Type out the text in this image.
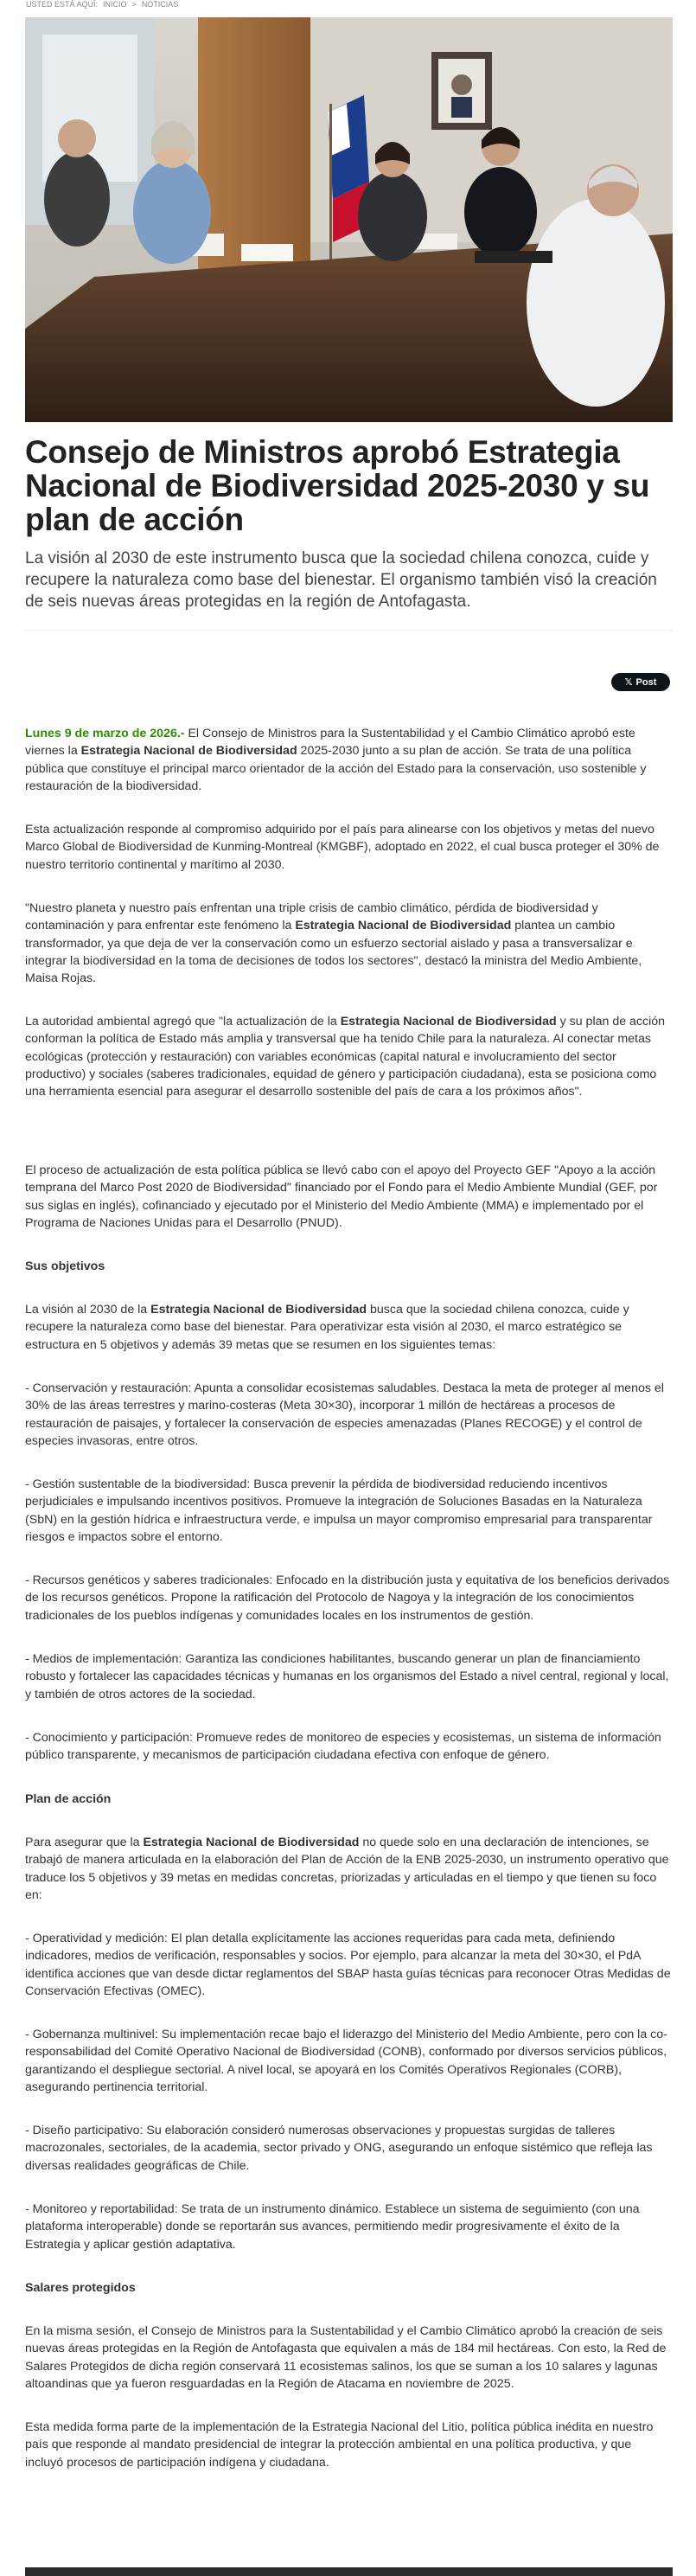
USTED ESTÁ AQUÍ: INICIO > NOTICIAS
Consejo de Ministros aprobó Estrategia Nacional de Biodiversidad 2025-2030 y su plan de acción

La visión al 2030 de este instrumento busca que la sociedad chilena conozca, cuide y recupere la naturaleza como base del bienestar. El organismo también visó la creación de seis nuevas áreas protegidas en la región de Antofagasta.

𝕏 Post

Lunes 9 de marzo de 2026.- El Consejo de Ministros para la Sustentabilidad y el Cambio Climático aprobó este viernes la Estrategia Nacional de Biodiversidad 2025-2030 junto a su plan de acción. Se trata de una política pública que constituye el principal marco orientador de la acción del Estado para la conservación, uso sostenible y restauración de la biodiversidad.

Esta actualización responde al compromiso adquirido por el país para alinearse con los objetivos y metas del nuevo Marco Global de Biodiversidad de Kunming-Montreal (KMGBF), adoptado en 2022, el cual busca proteger el 30% de nuestro territorio continental y marítimo al 2030.

"Nuestro planeta y nuestro país enfrentan una triple crisis de cambio climático, pérdida de biodiversidad y contaminación y para enfrentar este fenómeno la Estrategia Nacional de Biodiversidad plantea un cambio transformador, ya que deja de ver la conservación como un esfuerzo sectorial aislado y pasa a transversalizar e integrar la biodiversidad en la toma de decisiones de todos los sectores", destacó la ministra del Medio Ambiente, Maisa Rojas.

La autoridad ambiental agregó que "la actualización de la Estrategia Nacional de Biodiversidad y su plan de acción conforman la política de Estado más amplia y transversal que ha tenido Chile para la naturaleza. Al conectar metas ecológicas (protección y restauración) con variables económicas (capital natural e involucramiento del sector productivo) y sociales (saberes tradicionales, equidad de género y participación ciudadana), esta se posiciona como una herramienta esencial para asegurar el desarrollo sostenible del país de cara a los próximos años".

El proceso de actualización de esta política pública se llevó cabo con el apoyo del Proyecto GEF "Apoyo a la acción temprana del Marco Post 2020 de Biodiversidad" financiado por el Fondo para el Medio Ambiente Mundial (GEF, por sus siglas en inglés), cofinanciado y ejecutado por el Ministerio del Medio Ambiente (MMA) e implementado por el Programa de Naciones Unidas para el Desarrollo (PNUD).

Sus objetivos

La visión al 2030 de la Estrategia Nacional de Biodiversidad busca que la sociedad chilena conozca, cuide y recupere la naturaleza como base del bienestar. Para operativizar esta visión al 2030, el marco estratégico se estructura en 5 objetivos y además 39 metas que se resumen en los siguientes temas:

- Conservación y restauración: Apunta a consolidar ecosistemas saludables. Destaca la meta de proteger al menos el 30% de las áreas terrestres y marino-costeras (Meta 30×30), incorporar 1 millón de hectáreas a procesos de restauración de paisajes, y fortalecer la conservación de especies amenazadas (Planes RECOGE) y el control de especies invasoras, entre otros.

- Gestión sustentable de la biodiversidad: Busca prevenir la pérdida de biodiversidad reduciendo incentivos perjudiciales e impulsando incentivos positivos. Promueve la integración de Soluciones Basadas en la Naturaleza (SbN) en la gestión hídrica e infraestructura verde, e impulsa un mayor compromiso empresarial para transparentar riesgos e impactos sobre el entorno.

- Recursos genéticos y saberes tradicionales: Enfocado en la distribución justa y equitativa de los beneficios derivados de los recursos genéticos. Propone la ratificación del Protocolo de Nagoya y la integración de los conocimientos tradicionales de los pueblos indígenas y comunidades locales en los instrumentos de gestión.

- Medios de implementación: Garantiza las condiciones habilitantes, buscando generar un plan de financiamiento robusto y fortalecer las capacidades técnicas y humanas en los organismos del Estado a nivel central, regional y local, y también de otros actores de la sociedad.

- Conocimiento y participación: Promueve redes de monitoreo de especies y ecosistemas, un sistema de información público transparente, y mecanismos de participación ciudadana efectiva con enfoque de género.

Plan de acción

Para asegurar que la Estrategia Nacional de Biodiversidad no quede solo en una declaración de intenciones, se trabajó de manera articulada en la elaboración del Plan de Acción de la ENB 2025-2030, un instrumento operativo que traduce los 5 objetivos y 39 metas en medidas concretas, priorizadas y articuladas en el tiempo y que tienen su foco en:

- Operatividad y medición: El plan detalla explícitamente las acciones requeridas para cada meta, definiendo indicadores, medios de verificación, responsables y socios. Por ejemplo, para alcanzar la meta del 30×30, el PdA identifica acciones que van desde dictar reglamentos del SBAP hasta guías técnicas para reconocer Otras Medidas de Conservación Efectivas (OMEC).

- Gobernanza multinivel: Su implementación recae bajo el liderazgo del Ministerio del Medio Ambiente, pero con la co-responsabilidad del Comité Operativo Nacional de Biodiversidad (CONB), conformado por diversos servicios públicos, garantizando el despliegue sectorial. A nivel local, se apoyará en los Comités Operativos Regionales (CORB), asegurando pertinencia territorial.

- Diseño participativo: Su elaboración consideró numerosas observaciones y propuestas surgidas de talleres macrozonales, sectoriales, de la academia, sector privado y ONG, asegurando un enfoque sistémico que refleja las diversas realidades geográficas de Chile.

- Monitoreo y reportabilidad: Se trata de un instrumento dinámico. Establece un sistema de seguimiento (con una plataforma interoperable) donde se reportarán sus avances, permitiendo medir progresivamente el éxito de la Estrategia y aplicar gestión adaptativa.

Salares protegidos

En la misma sesión, el Consejo de Ministros para la Sustentabilidad y el Cambio Climático aprobó la creación de seis nuevas áreas protegidas en la Región de Antofagasta que equivalen a más de 184 mil hectáreas. Con esto, la Red de Salares Protegidos de dicha región conservará 11 ecosistemas salinos, los que se suman a los 10 salares y lagunas altoandinas que ya fueron resguardadas en la Región de Atacama en noviembre de 2025.

Esta medida forma parte de la implementación de la Estrategia Nacional del Litio, política pública inédita en nuestro país que responde al mandato presidencial de integrar la protección ambiental en una política productiva, y que incluyó procesos de participación indígena y ciudadana.
